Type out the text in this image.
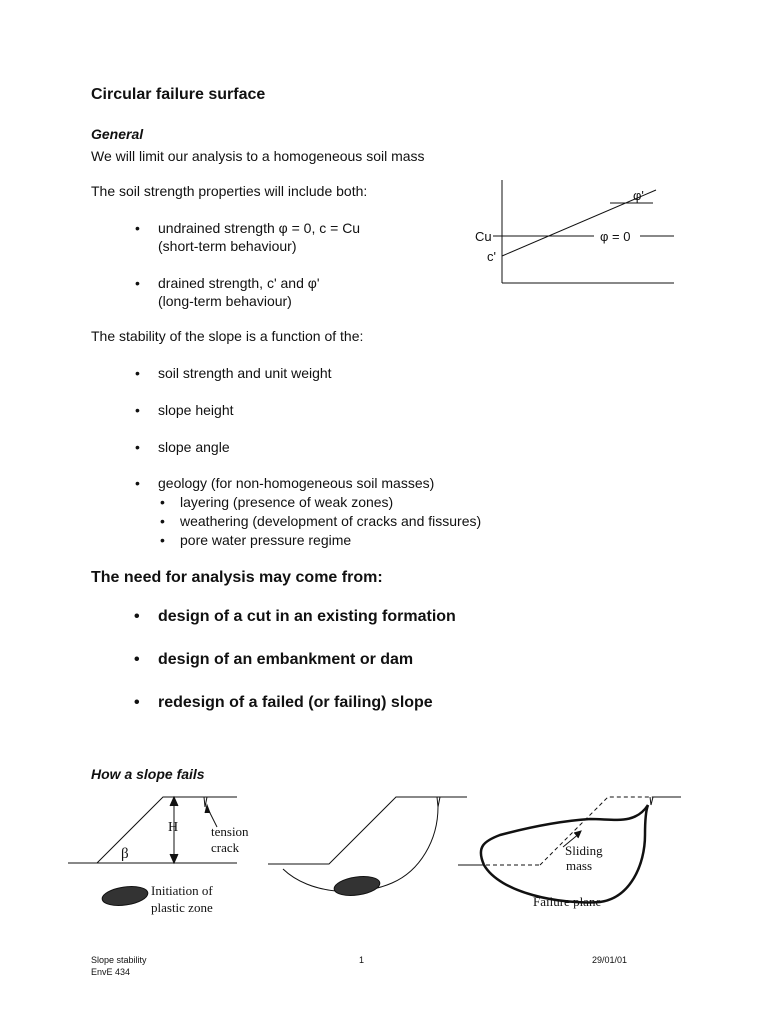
Circular failure surface
General
We will limit our analysis to a homogeneous soil mass
The soil strength properties will include both:
• undrained strength φ = 0, c = Cu
(short-term behaviour)
• drained strength, c' and φ'
(long-term behaviour)
φ'
φ = 0
Cu
c'
The stability of the slope is a function of the:
• soil strength and unit weight
• slope height
• slope angle
• geology (for non-homogeneous soil masses)
• layering (presence of weak zones)
• weathering (development of cracks and fissures)
• pore water pressure regime
The need for analysis may come from:
• design of a cut in an existing formation
• design of an embankment or dam
• redesign of a failed (or failing) slope
How a slope fails
H
β
tension
crack
Initiation of
plastic zone
Sliding
mass
Failure plane
Slope stability
EnvE 434
1	29/01/01
